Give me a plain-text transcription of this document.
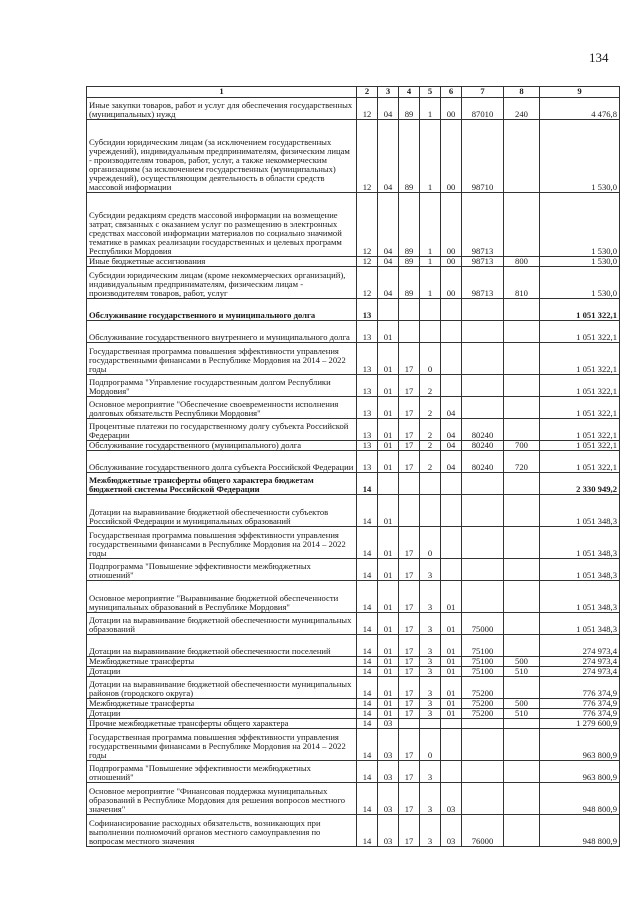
134
1	2	3	4	5	6	7	8	9
Иные закупки товаров, работ и услуг для обеспечения государственных (муниципальных) нужд	12	04	89	1	00	87010	240	4 476,8
Субсидии юридическим лицам (за исключением государственных учреждений), индивидуальным предпринимателям, физическим лицам - производителям товаров, работ, услуг, а также некоммерческим организациям (за исключением государственных (муниципальных) учреждений), осуществляющим деятельность в области средств массовой информации	12	04	89	1	00	98710		1 530,0
Субсидии редакциям средств массовой информации на возмещение затрат, связанных с оказанием услуг по размещению в электронных средствах массовой информации материалов по социально значимой тематике в рамках реализации государственных и целевых программ Республики Мордовия	12	04	89	1	00	98713		1 530,0
Иные бюджетные ассигнования	12	04	89	1	00	98713	800	1 530,0
Субсидии юридическим лицам (кроме некоммерческих организаций), индивидуальным предпринимателям, физическим лицам - производителям товаров, работ, услуг	12	04	89	1	00	98713	810	1 530,0
Обслуживание государственного и муниципального долга	13							1 051 322,1
Обслуживание государственного внутреннего и муниципального долга	13	01						1 051 322,1
Государственная программа повышения эффективности управления государственными финансами в Республике Мордовия на 2014 – 2022 годы	13	01	17	0				1 051 322,1
Подпрограмма "Управление государственным долгом Республики Мордовия"	13	01	17	2				1 051 322,1
Основное мероприятие "Обеспечение своевременности исполнения долговых обязательств Республики Мордовия"	13	01	17	2	04			1 051 322,1
Процентные платежи по государственному долгу субъекта Российской Федерации	13	01	17	2	04	80240		1 051 322,1
Обслуживание государственного (муниципального) долга	13	01	17	2	04	80240	700	1 051 322,1
Обслуживание государственного долга субъекта Российской Федерации	13	01	17	2	04	80240	720	1 051 322,1
Межбюджетные трансферты общего характера бюджетам бюджетной системы Российской Федерации	14							2 330 949,2
Дотации на выравнивание бюджетной обеспеченности субъектов Российской Федерации и муниципальных образований	14	01						1 051 348,3
Государственная программа повышения эффективности управления государственными финансами в Республике Мордовия на 2014 – 2022 годы	14	01	17	0				1 051 348,3
Подпрограмма "Повышение эффективности межбюджетных отношений"	14	01	17	3				1 051 348,3
Основное мероприятие "Выравнивание бюджетной обеспеченности муниципальных образований в Республике Мордовия"	14	01	17	3	01			1 051 348,3
Дотации на выравнивание бюджетной обеспеченности муниципальных образований	14	01	17	3	01	75000		1 051 348,3
Дотации на выравнивание бюджетной обеспеченности поселений	14	01	17	3	01	75100		274 973,4
Межбюджетные трансферты	14	01	17	3	01	75100	500	274 973,4
Дотации	14	01	17	3	01	75100	510	274 973,4
Дотации на выравнивание бюджетной обеспеченности муниципальных районов (городского округа)	14	01	17	3	01	75200		776 374,9
Межбюджетные трансферты	14	01	17	3	01	75200	500	776 374,9
Дотации	14	01	17	3	01	75200	510	776 374,9
Прочие межбюджетные трансферты общего характера	14	03						1 279 600,9
Государственная программа повышения эффективности управления государственными финансами в Республике Мордовия на 2014 – 2022 годы	14	03	17	0				963 800,9
Подпрограмма "Повышение эффективности межбюджетных отношений"	14	03	17	3				963 800,9
Основное мероприятие "Финансовая поддержка муниципальных образований в Республике Мордовия для решения вопросов местного значения"	14	03	17	3	03			948 800,9
Софинансирование расходных обязательств, возникающих при выполнении полномочий органов местного самоуправления по вопросам местного значения	14	03	17	3	03	76000		948 800,9
